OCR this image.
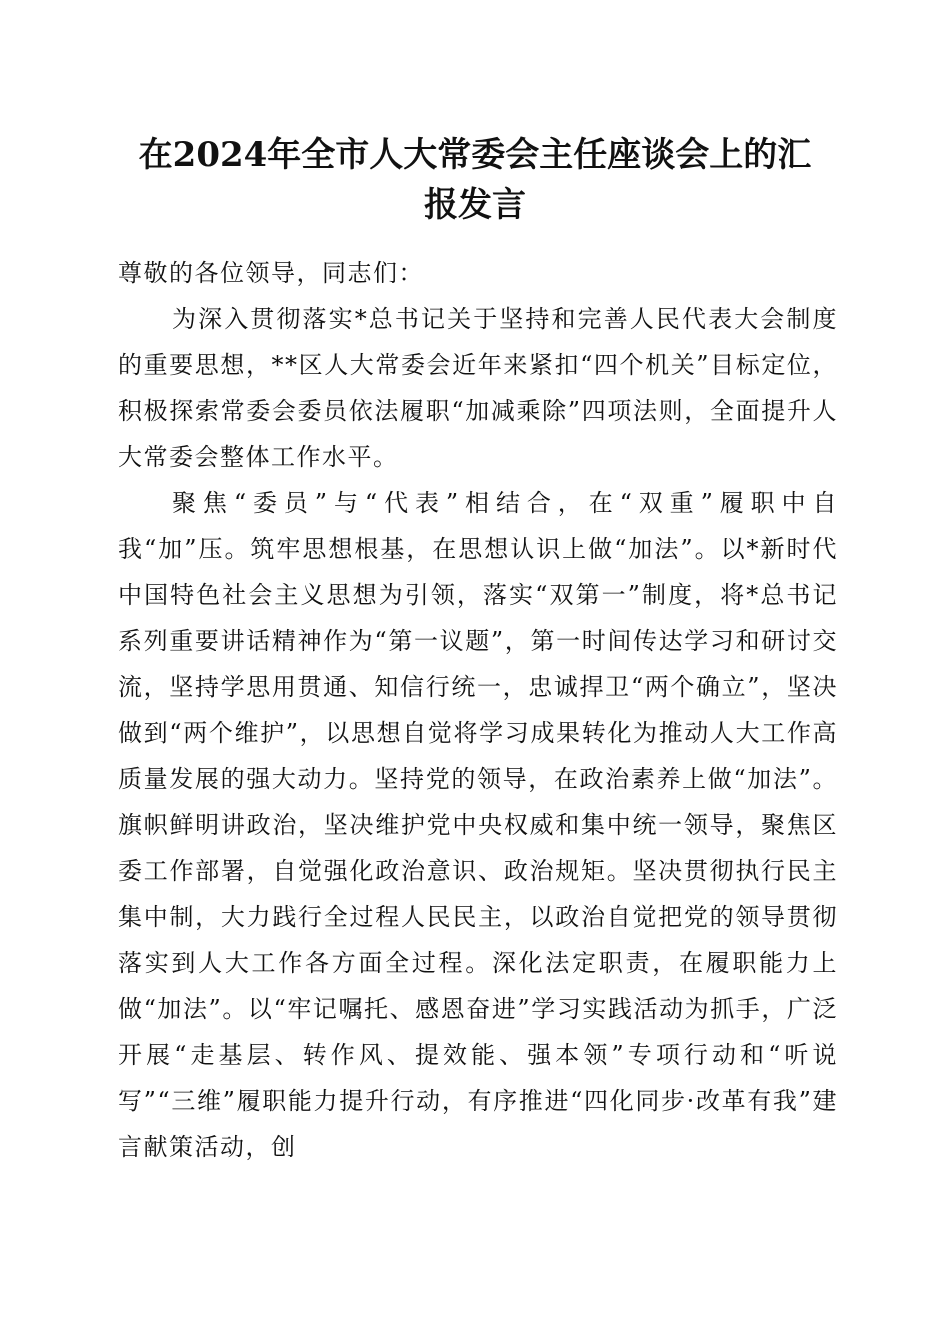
在2024年全市人大常委会主任座谈会上的汇
报发言

尊敬的各位领导，同志们：

为深入贯彻落实*总书记关于坚持和完善人民代表大会制度的重要思想，**区人大常委会近年来紧扣“四个机关”目标定位，积极探索常委会委员依法履职“加减乘除”四项法则，全面提升人大常委会整体工作水平。

聚焦“委员”与“代表”相结合，在“双重”履职中自我“加”压。筑牢思想根基，在思想认识上做“加法”。以*新时代中国特色社会主义思想为引领，落实“双第一”制度，将*总书记系列重要讲话精神作为“第一议题”，第一时间传达学习和研讨交流，坚持学思用贯通、知信行统一，忠诚捍卫“两个确立”，坚决做到“两个维护”，以思想自觉将学习成果转化为推动人大工作高质量发展的强大动力。坚持党的领导，在政治素养上做“加法”。旗帜鲜明讲政治，坚决维护党中央权威和集中统一领导，聚焦区委工作部署，自觉强化政治意识、政治规矩。坚决贯彻执行民主集中制，大力践行全过程人民民主，以政治自觉把党的领导贯彻落实到人大工作各方面全过程。深化法定职责，在履职能力上做“加法”。以“牢记嘱托、感恩奋进”学习实践活动为抓手，广泛开展“走基层、转作风、提效能、强本领”专项行动和“听说写”“三维”履职能力提升行动，有序推进“四化同步·改革有我”建言献策活动，创
